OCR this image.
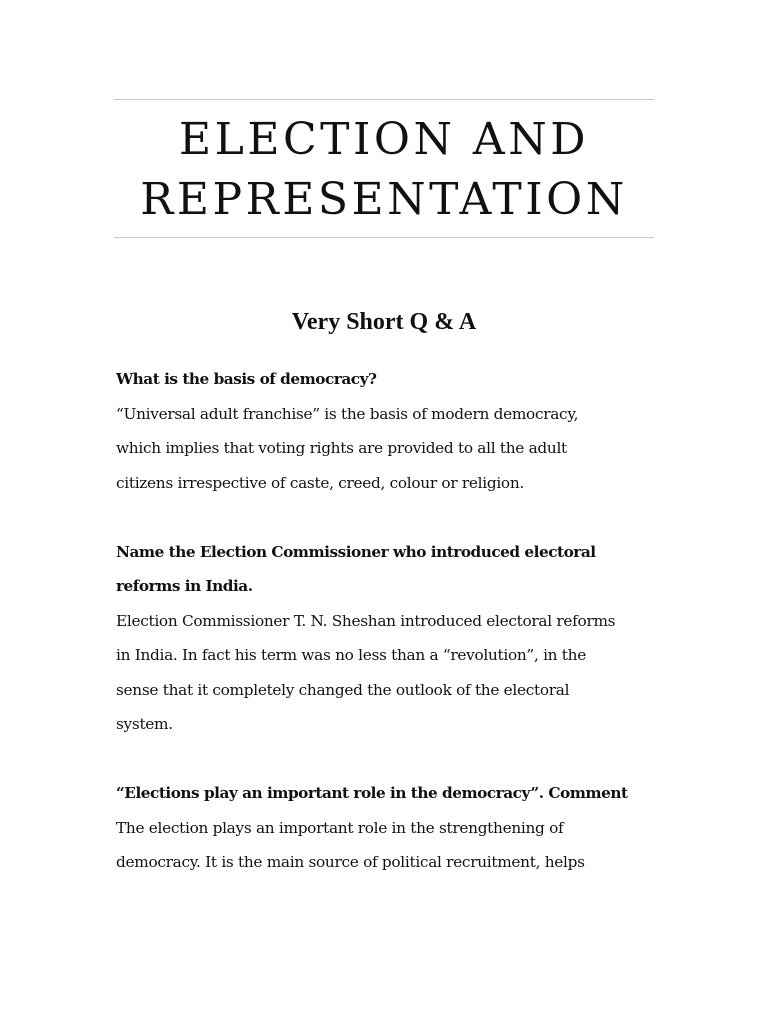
ELECTION AND
REPRESENTATION
Very Short Q & A
What is the basis of democracy?
“Universal adult franchise” is the basis of modern democracy,
which implies that voting rights are provided to all the adult
citizens irrespective of caste, creed, colour or religion.
Name the Election Commissioner who introduced electoral
reforms in India.
Election Commissioner T. N. Sheshan introduced electoral reforms
in India. In fact his term was no less than a “revolution”, in the
sense that it completely changed the outlook of the electoral
system.
“Elections play an important role in the democracy”. Comment
The election plays an important role in the strengthening of
democracy. It is the main source of political recruitment, helps
